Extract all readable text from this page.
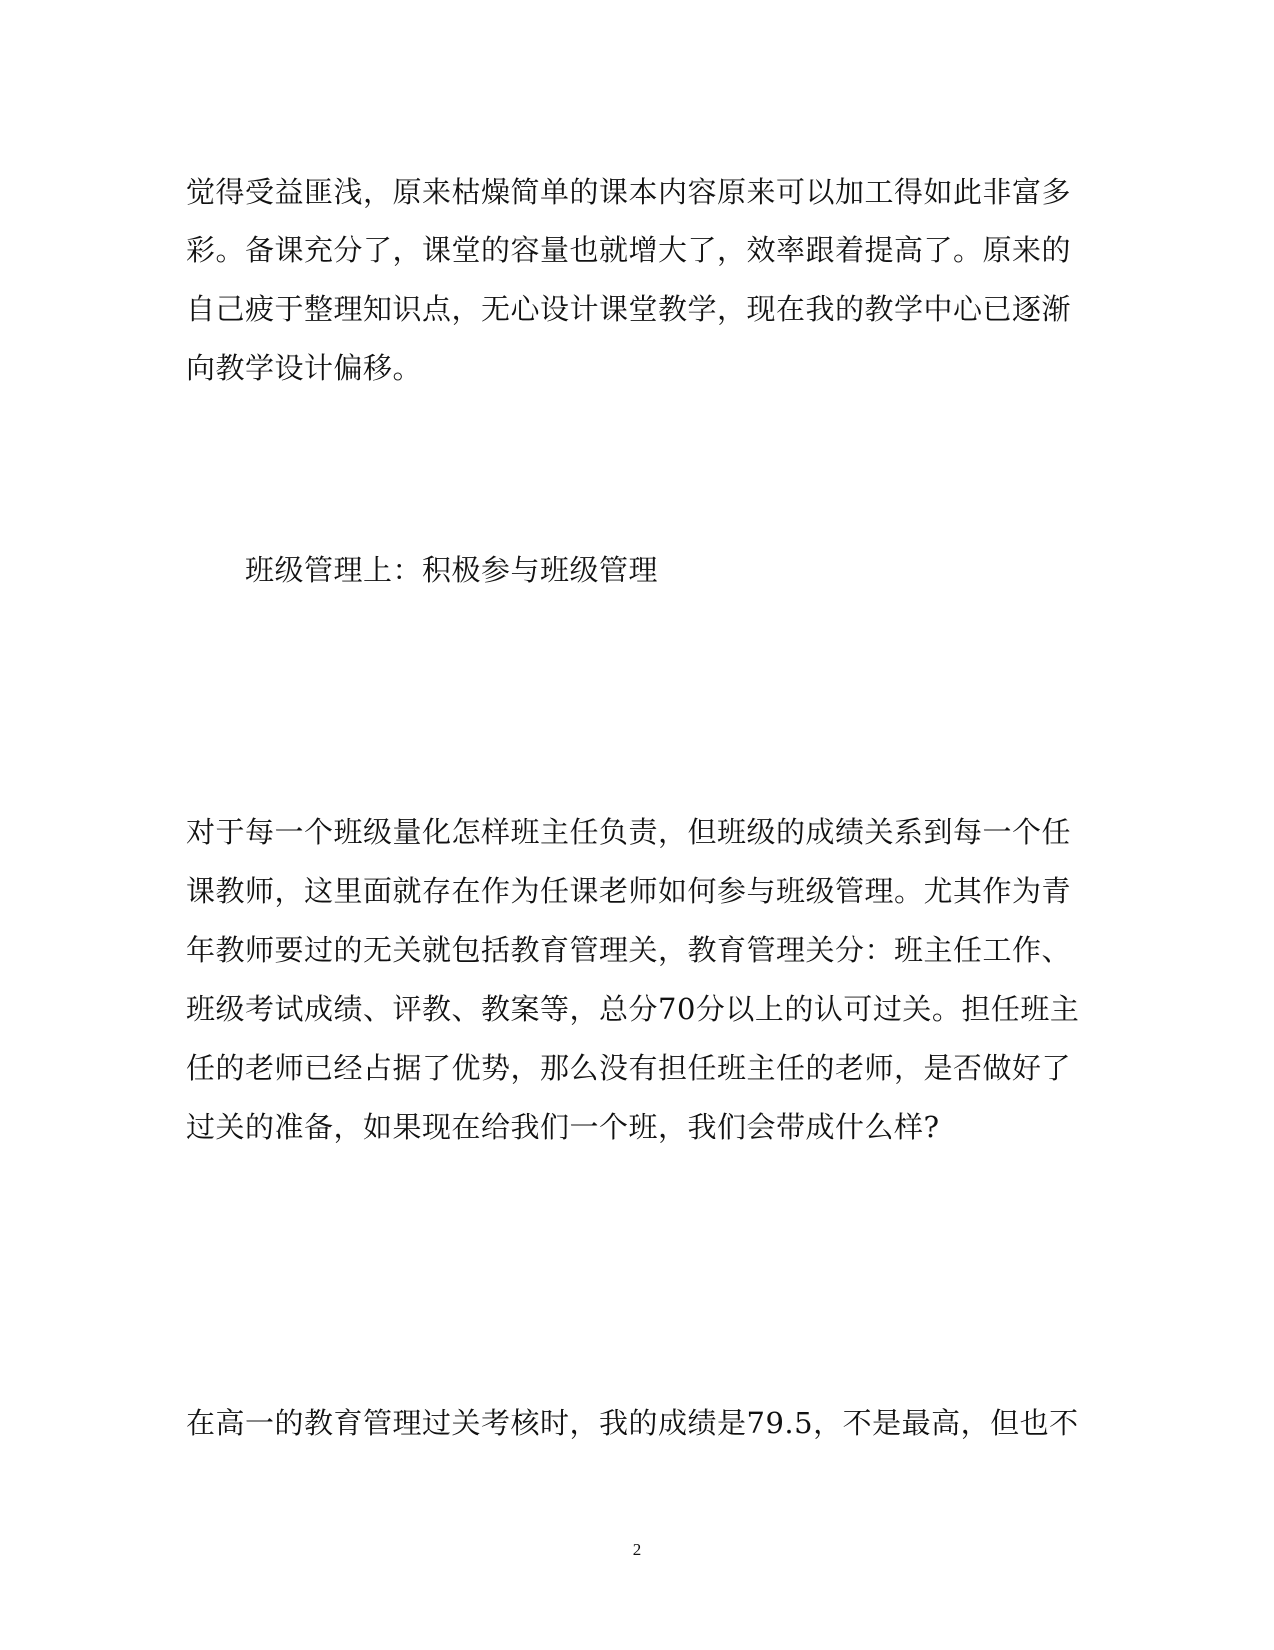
觉得受益匪浅，原来枯燥简单的课本内容原来可以加工得如此非富多
彩。备课充分了，课堂的容量也就增大了，效率跟着提高了。原来的
自己疲于整理知识点，无心设计课堂教学，现在我的教学中心已逐渐
向教学设计偏移。
班级管理上：积极参与班级管理
对于每一个班级量化怎样班主任负责，但班级的成绩关系到每一个任
课教师，这里面就存在作为任课老师如何参与班级管理。尤其作为青
年教师要过的无关就包括教育管理关，教育管理关分：班主任工作、
班级考试成绩、评教、教案等，总分70分以上的认可过关。担任班主
任的老师已经占据了优势，那么没有担任班主任的老师，是否做好了
过关的准备，如果现在给我们一个班，我们会带成什么样?
在高一的教育管理过关考核时，我的成绩是79.5，不是最高，但也不
2
